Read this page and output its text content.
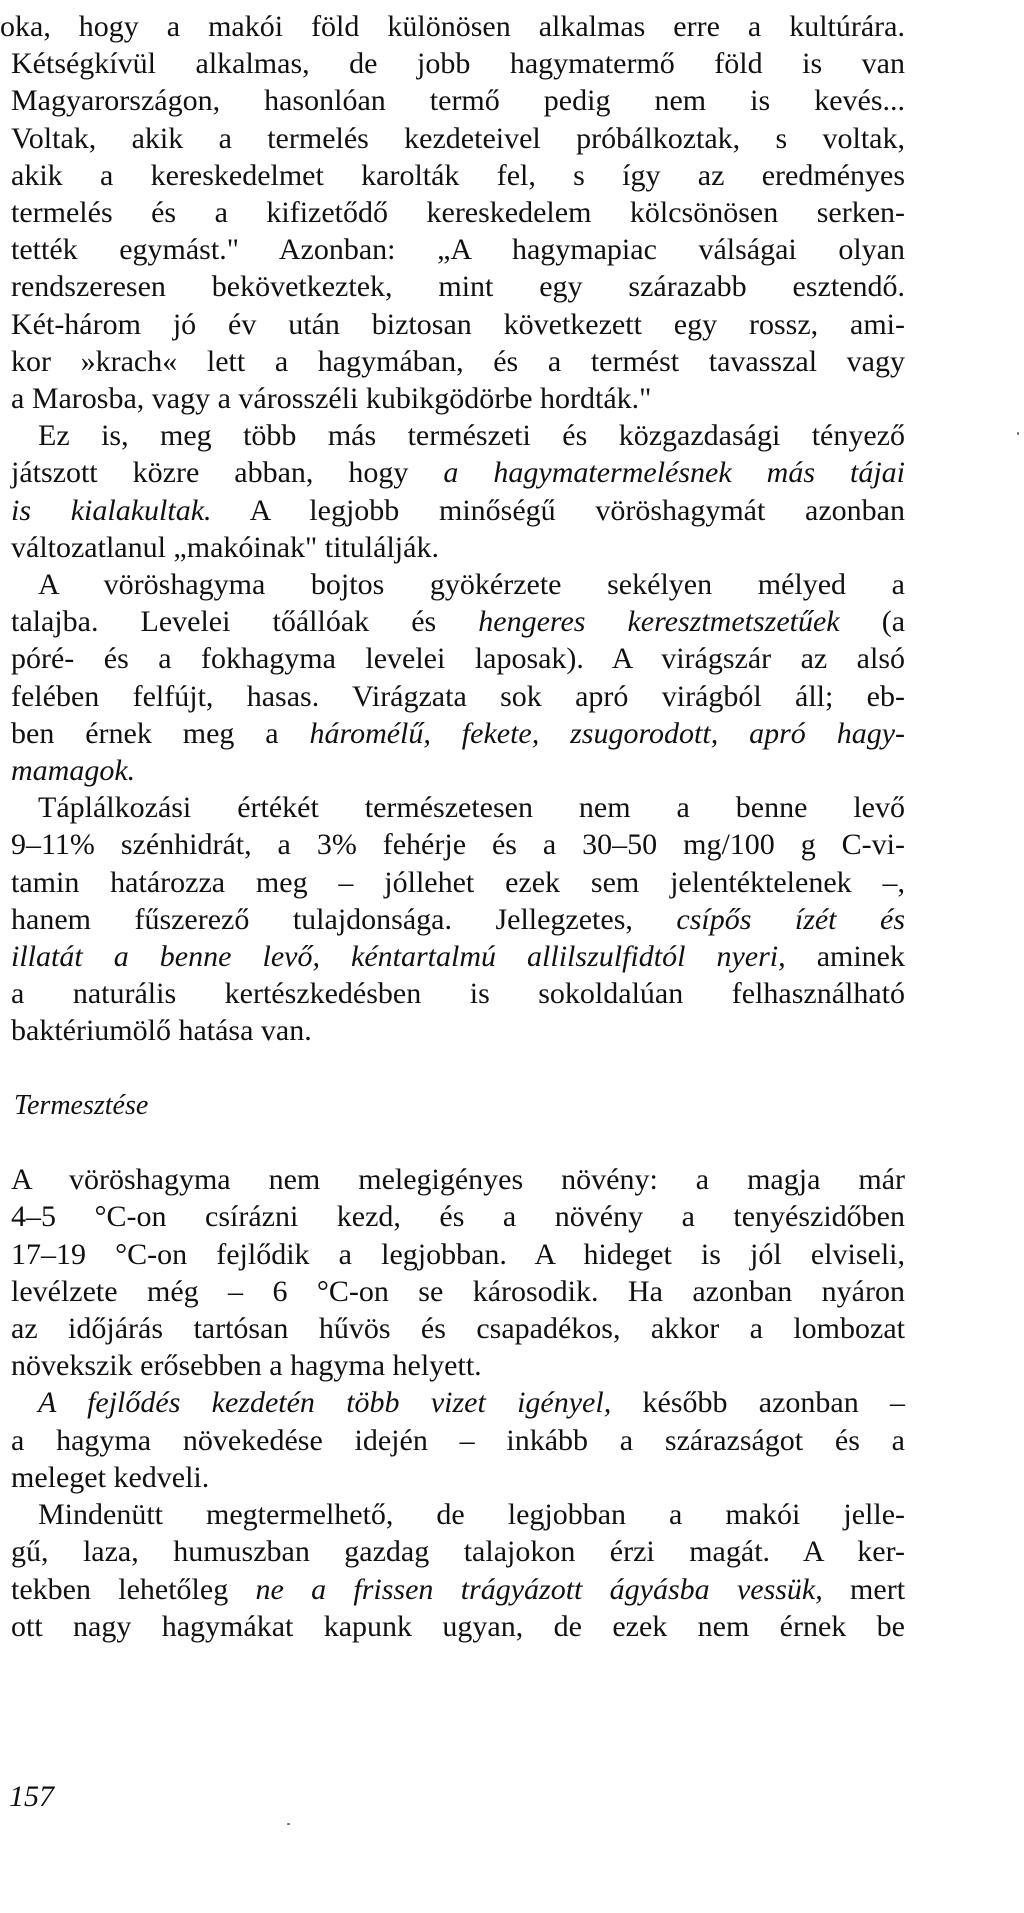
oka, hogy a makói föld különösen alkalmas erre a kultúrára.
Kétségkívül alkalmas, de jobb hagymatermő föld is van
Magyarországon, hasonlóan termő pedig nem is kevés...
Voltak, akik a termelés kezdeteivel próbálkoztak, s voltak,
akik a kereskedelmet karolták fel, s így az eredményes
termelés és a kifizetődő kereskedelem kölcsönösen serken-
tették egymást." Azonban: „A hagymapiac válságai olyan
rendszeresen bekövetkeztek, mint egy szárazabb esztendő.
Két-három jó év után biztosan következett egy rossz, ami-
kor »krach« lett a hagymában, és a termést tavasszal vagy
a Marosba, vagy a városszéli kubikgödörbe hordták."
Ez is, meg több más természeti és közgazdasági tényező
játszott közre abban, hogy a hagymatermelésnek más tájai
is kialakultak. A legjobb minőségű vöröshagymát azonban
változatlanul „makóinak" titulálják.
A vöröshagyma bojtos gyökérzete sekélyen mélyed a
talajba. Levelei tőállóak és hengeres keresztmetszetűek (a
póré- és a fokhagyma levelei laposak). A virágszár az alsó
felében felfújt, hasas. Virágzata sok apró virágból áll; eb-
ben érnek meg a háromélű, fekete, zsugorodott, apró hagy-
mamagok.
Táplálkozási értékét természetesen nem a benne levő
9–11% szénhidrát, a 3% fehérje és a 30–50 mg/100 g C-vi-
tamin határozza meg – jóllehet ezek sem jelentéktelenek –,
hanem fűszerező tulajdonsága. Jellegzetes, csípős ízét és
illatát a benne levő, kéntartalmú allilszulfidtól nyeri, aminek
a naturális kertészkedésben is sokoldalúan felhasználható
baktériumölő hatása van.
Termesztése
A vöröshagyma nem melegigényes növény: a magja már
4–5 °C-on csírázni kezd, és a növény a tenyészidőben
17–19 °C-on fejlődik a legjobban. A hideget is jól elviseli,
levélzete még – 6 °C-on se károsodik. Ha azonban nyáron
az időjárás tartósan hűvös és csapadékos, akkor a lombozat
növekszik erősebben a hagyma helyett.
A fejlődés kezdetén több vizet igényel, később azonban –
a hagyma növekedése idején – inkább a szárazságot és a
meleget kedveli.
Mindenütt megtermelhető, de legjobban a makói jelle-
gű, laza, humuszban gazdag talajokon érzi magát. A ker-
tekben lehetőleg ne a frissen trágyázott ágyásba vessük, mert
ott nagy hagymákat kapunk ugyan, de ezek nem érnek be
157
